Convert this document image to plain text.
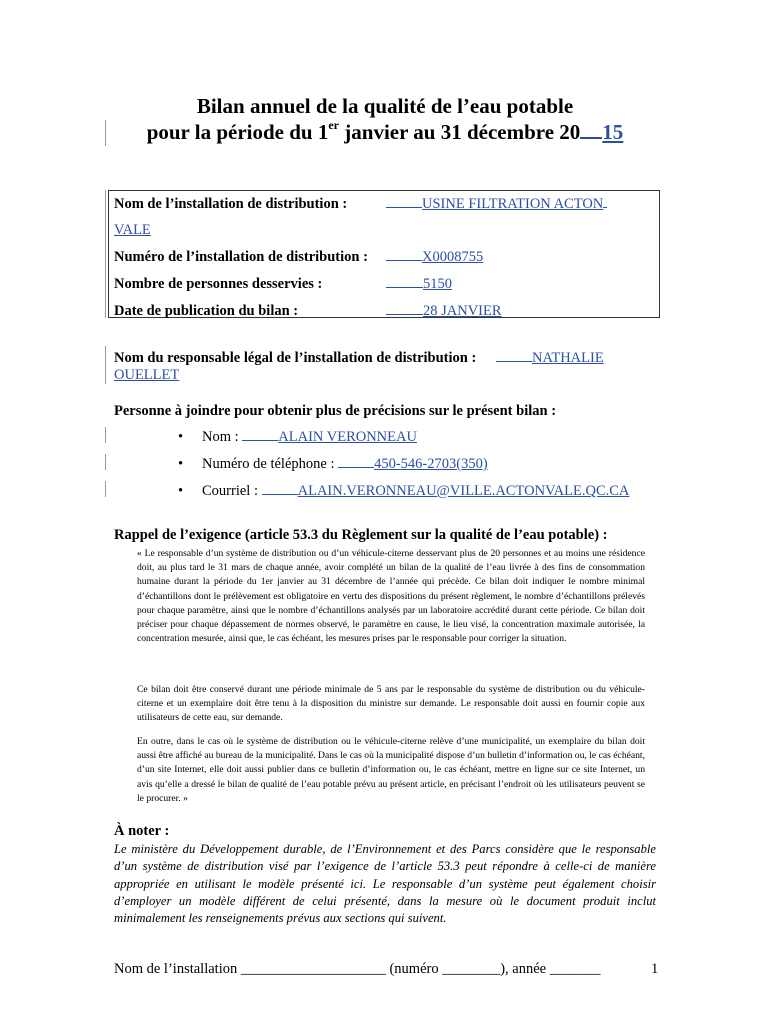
Bilan annuel de la qualité de l’eau potable
pour la période du 1er janvier au 31 décembre 20 15
Nom de l’installation de distribution :	USINE FILTRATION ACTON
VALE
Numéro de l’installation de distribution :	X0008755
Nombre de personnes desservies :	5150
Date de publication du bilan :	28 JANVIER
Nom du responsable légal de l’installation de distribution :	NATHALIE
OUELLET
Personne à joindre pour obtenir plus de précisions sur le présent bilan :
• Nom :	ALAIN VERONNEAU
• Numéro de téléphone :	450-546-2703(350)
• Courriel :	ALAIN.VERONNEAU@VILLE.ACTONVALE.QC.CA
Rappel de l’exigence (article 53.3 du Règlement sur la qualité de l’eau potable) :
« Le responsable d’un système de distribution ou d’un véhicule-citerne desservant plus de 20 personnes et au moins une résidence doit, au plus tard le 31 mars de chaque année, avoir complété un bilan de la qualité de l’eau livrée à des fins de consommation humaine durant la période du 1er janvier au 31 décembre de l’année qui précède. Ce bilan doit indiquer le nombre minimal d’échantillons dont le prélèvement est obligatoire en vertu des dispositions du présent règlement, le nombre d’échantillons prélevés pour chaque paramètre, ainsi que le nombre d’échantillons analysés par un laboratoire accrédité durant cette période. Ce bilan doit préciser pour chaque dépassement de normes observé, le paramètre en cause, le lieu visé, la concentration maximale autorisée, la concentration mesurée, ainsi que, le cas échéant, les mesures prises par le responsable pour corriger la situation.
Ce bilan doit être conservé durant une période minimale de 5 ans par le responsable du système de distribution ou du véhicule-citerne et un exemplaire doit être tenu à la disposition du ministre sur demande. Le responsable doit aussi en fournir copie aux utilisateurs de cette eau, sur demande.
En outre, dans le cas où le système de distribution ou le véhicule-citerne relève d’une municipalité, un exemplaire du bilan doit aussi être affiché au bureau de la municipalité. Dans le cas où la municipalité dispose d’un bulletin d’information ou, le cas échéant, d’un site Internet, elle doit aussi publier dans ce bulletin d’information ou, le cas échéant, mettre en ligne sur ce site Internet, un avis qu’elle a dressé le bilan de qualité de l’eau potable prévu au présent article, en précisant l’endroit où les utilisateurs peuvent se le procurer. »
À noter :
Le ministère du Développement durable, de l’Environnement et des Parcs considère que le responsable d’un système de distribution visé par l’exigence de l’article 53.3 peut répondre à celle-ci de manière appropriée en utilisant le modèle présenté ici. Le responsable d’un système peut également choisir d’employer un modèle différent de celui présenté, dans la mesure où le document produit inclut minimalement les renseignements prévus aux sections qui suivent.
Nom de l’installation ____________________ (numéro ________), année _______	1
